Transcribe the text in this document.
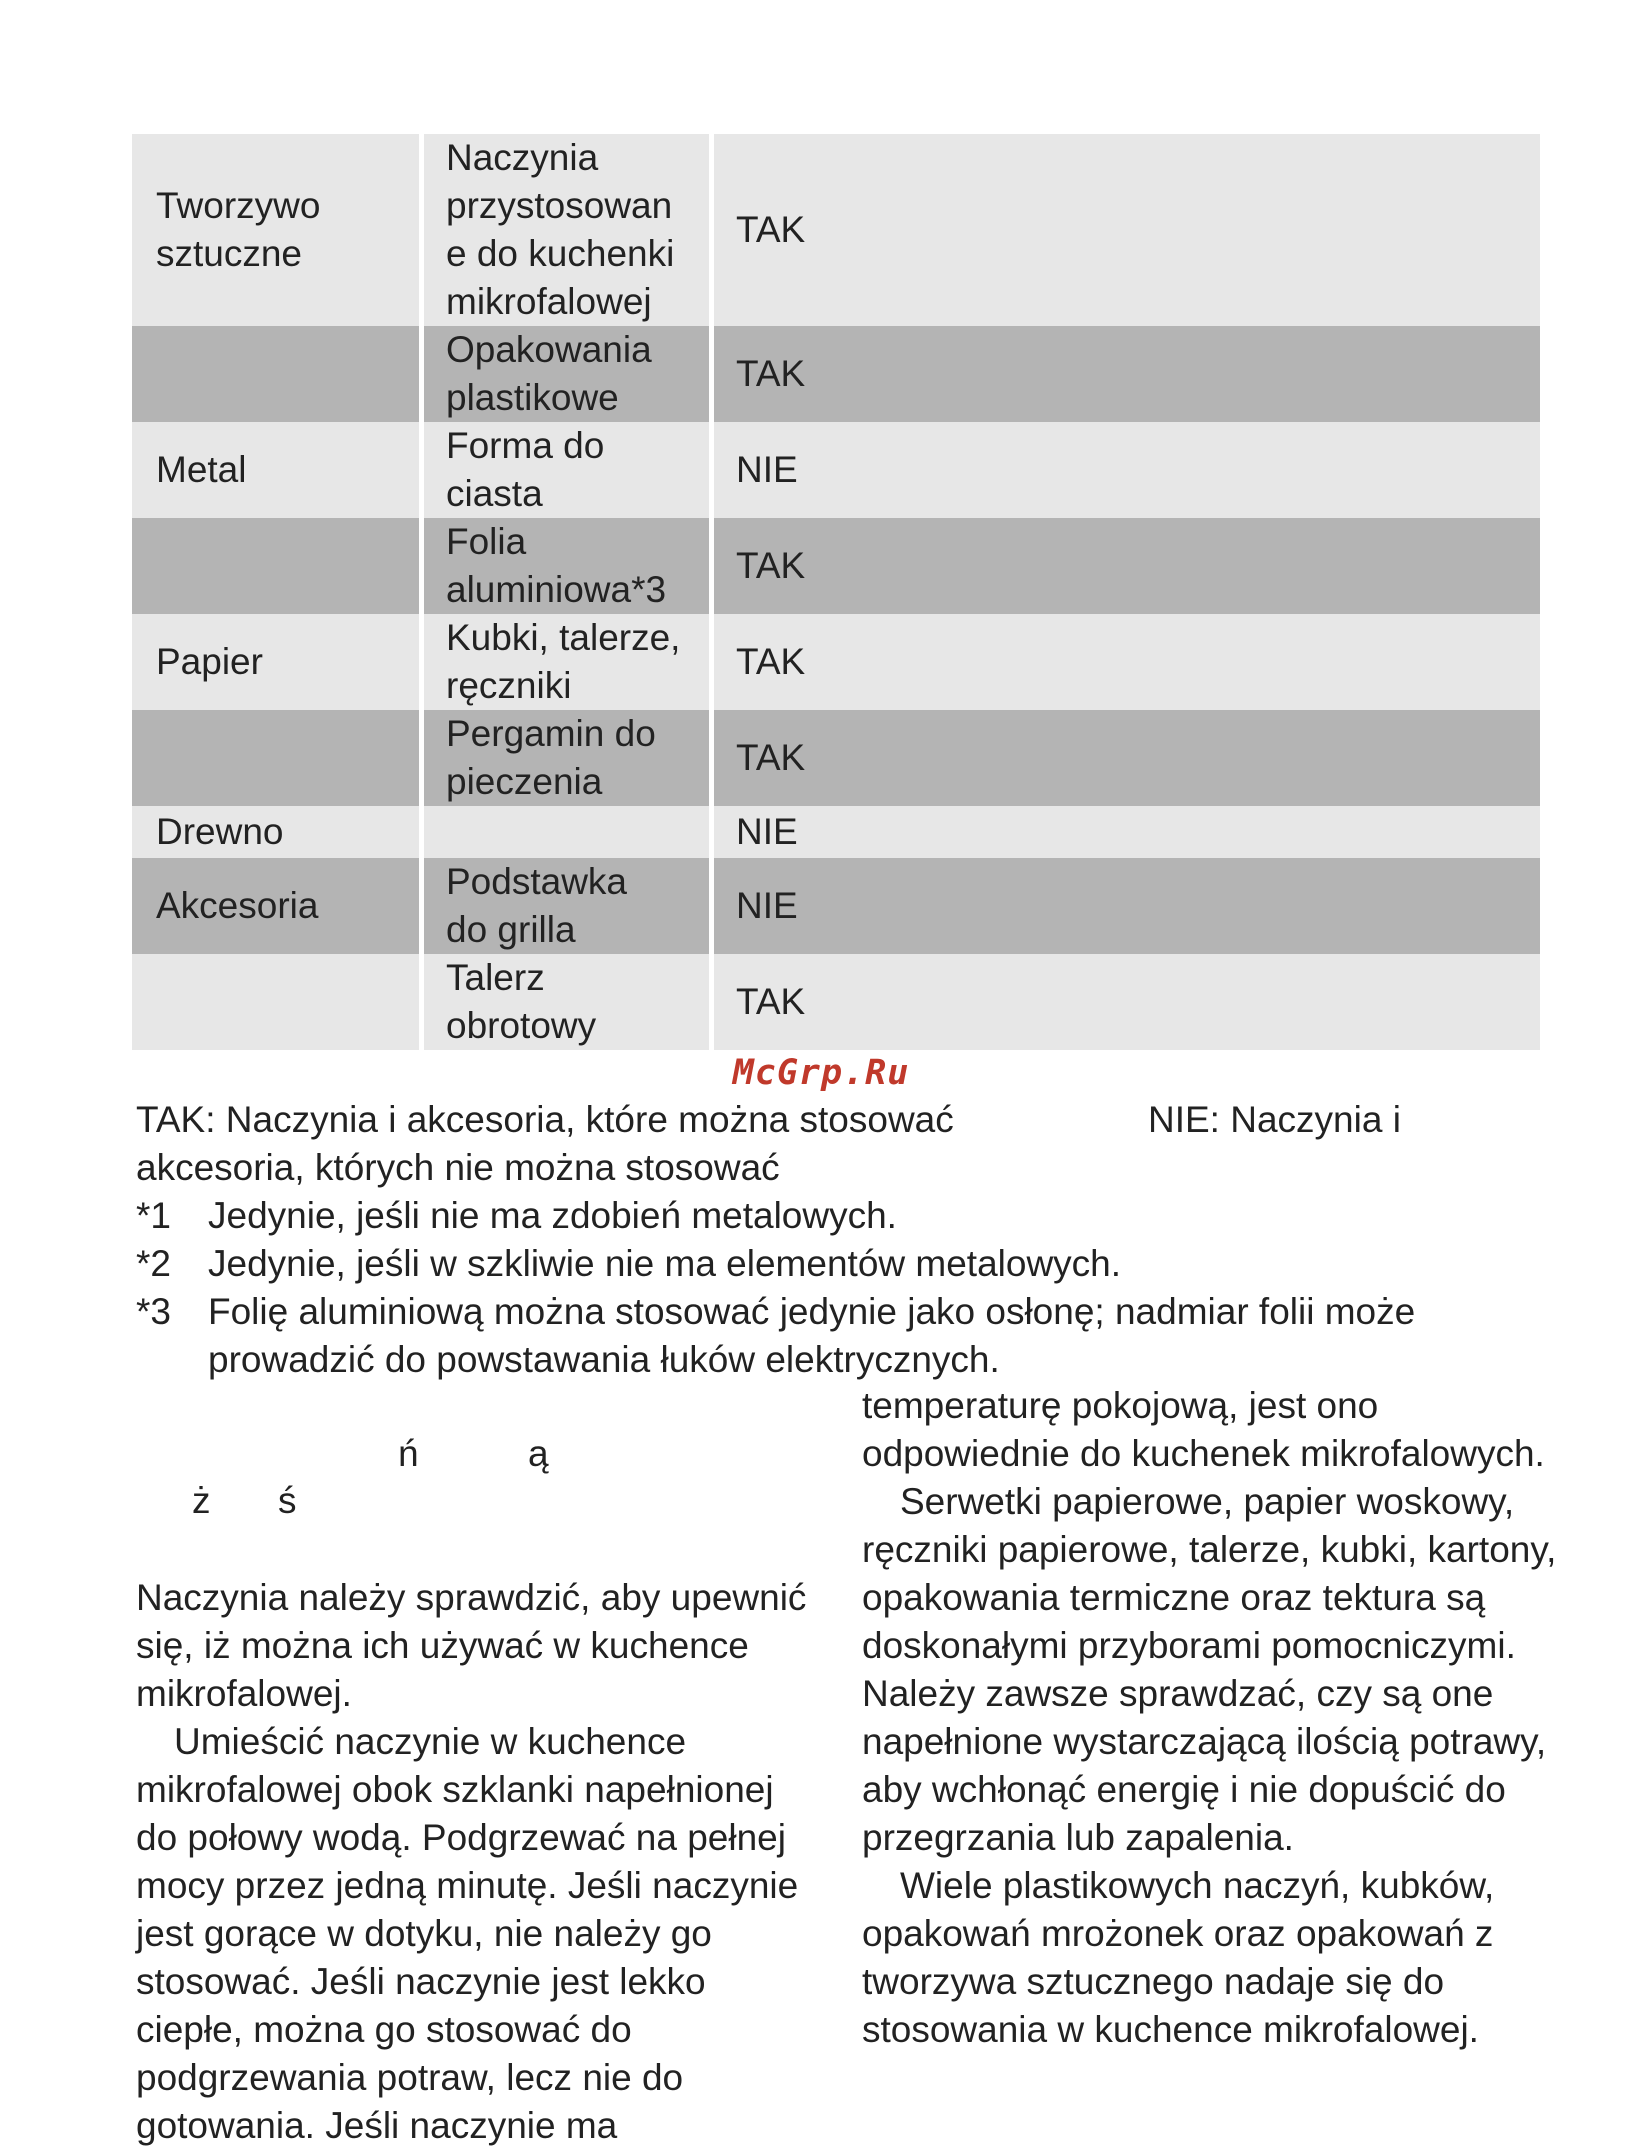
Tworzywo
sztuczne	Naczynia
przystosowan
e do kuchenki
mikrofalowej	TAK
	Opakowania
plastikowe	TAK
Metal	Forma do
ciasta	NIE
	Folia
aluminiowa*3	TAK
Papier	Kubki, talerze,
ręczniki	TAK
	Pergamin do
pieczenia	TAK
Drewno		NIE
Akcesoria	Podstawka
do grilla	NIE
	Talerz
obrotowy	TAK
McGrp.Ru
TAK: Naczynia i akcesoria, które można stosować	NIE: Naczynia i
akcesoria, których nie można stosować
*1 Jedynie, jeśli nie ma zdobień metalowych.
*2 Jedynie, jeśli w szkliwie nie ma elementów metalowych.
*3 Folię aluminiową można stosować jedynie jako osłonę; nadmiar folii może
prowadzić do powstawania łuków elektrycznych.
ń	ą
ż ś

Naczynia należy sprawdzić, aby upewnić się, iż można ich używać w kuchence mikrofalowej.

Umieścić naczynie w kuchence mikrofalowej obok szklanki napełnionej do połowy wodą. Podgrzewać na pełnej mocy przez jedną minutę. Jeśli naczynie jest gorące w dotyku, nie należy go stosować. Jeśli naczynie jest lekko ciepłe, można go stosować do podgrzewania potraw, lecz nie do gotowania. Jeśli naczynie ma

temperaturę pokojową, jest ono odpowiednie do kuchenek mikrofalowych.

Serwetki papierowe, papier woskowy, ręczniki papierowe, talerze, kubki, kartony, opakowania termiczne oraz tektura są doskonałymi przyborami pomocniczymi. Należy zawsze sprawdzać, czy są one napełnione wystarczającą ilością potrawy, aby wchłonąć energię i nie dopuścić do przegrzania lub zapalenia.

Wiele plastikowych naczyń, kubków, opakowań mrożonek oraz opakowań z tworzywa sztucznego nadaje się do stosowania w kuchence mikrofalowej.
